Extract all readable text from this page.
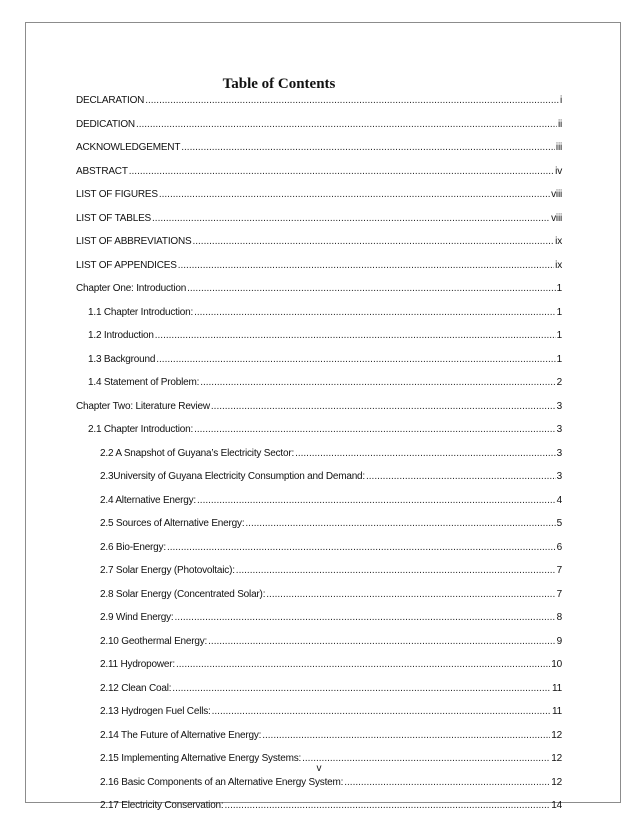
Table of Contents
DECLARATION .....	i
DEDICATION .....	ii
ACKNOWLEDGEMENT .....	iii
ABSTRACT .....	iv
LIST OF FIGURES .....	viii
LIST OF TABLES .....	viii
LIST OF ABBREVIATIONS .....	ix
LIST OF APPENDICES .....	ix
Chapter One: Introduction .....	1
1.1 Chapter Introduction: .....	1
1.2 Introduction .....	1
1.3 Background .....	1
1.4 Statement of Problem: .....	2
Chapter Two: Literature Review .....	3
2.1 Chapter Introduction: .....	3
2.2 A Snapshot of Guyana’s Electricity Sector: .....	3
2.3University of Guyana Electricity Consumption and Demand: .....	3
2.4 Alternative Energy: .....	4
2.5 Sources of Alternative Energy: .....	5
2.6 Bio-Energy: .....	6
2.7 Solar Energy (Photovoltaic): .....	7
2.8 Solar Energy (Concentrated Solar): .....	7
2.9 Wind Energy: .....	8
2.10 Geothermal Energy: .....	9
2.11 Hydropower: .....	10
2.12 Clean Coal: .....	11
2.13 Hydrogen Fuel Cells: .....	11
2.14 The Future of Alternative Energy: .....	12
2.15 Implementing Alternative Energy Systems: .....	12
2.16 Basic Components of an Alternative Energy System: .....	12
2.17 Electricity Conservation: .....	14
v
